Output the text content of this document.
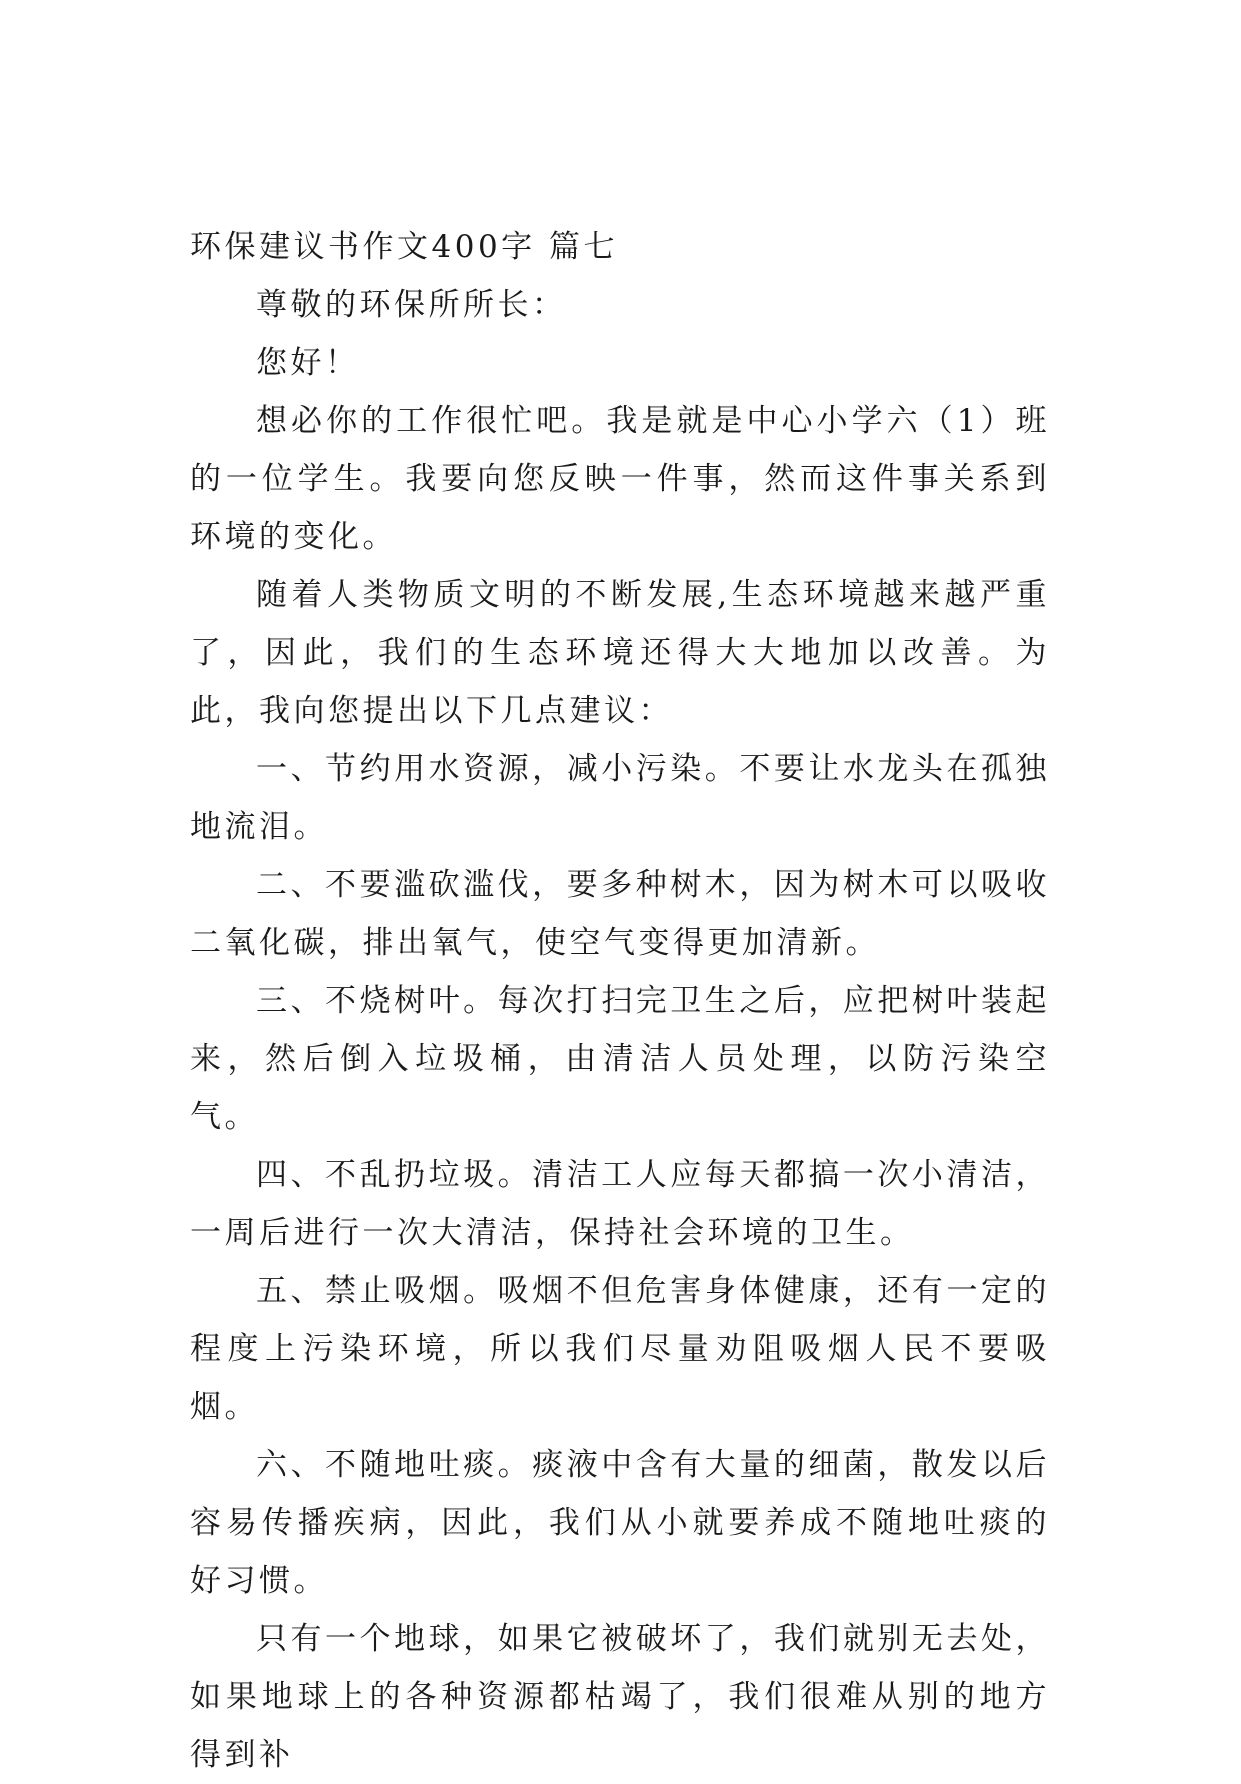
环保建议书作文400字 篇七

尊敬的环保所所长：

您好！

想必你的工作很忙吧。我是就是中心小学六（1）班的一位学生。我要向您反映一件事，然而这件事关系到环境的变化。

随着人类物质文明的不断发展,生态环境越来越严重了，因此，我们的生态环境还得大大地加以改善。为此，我向您提出以下几点建议：

一、节约用水资源，减小污染。不要让水龙头在孤独地流泪。

二、不要滥砍滥伐，要多种树木，因为树木可以吸收二氧化碳，排出氧气，使空气变得更加清新。

三、不烧树叶。每次打扫完卫生之后，应把树叶装起来，然后倒入垃圾桶，由清洁人员处理，以防污染空气。

四、不乱扔垃圾。清洁工人应每天都搞一次小清洁，一周后进行一次大清洁，保持社会环境的卫生。

五、禁止吸烟。吸烟不但危害身体健康，还有一定的程度上污染环境，所以我们尽量劝阻吸烟人民不要吸烟。

六、不随地吐痰。痰液中含有大量的细菌，散发以后容易传播疾病，因此，我们从小就要养成不随地吐痰的好习惯。

只有一个地球，如果它被破坏了，我们就别无去处，如果地球上的各种资源都枯竭了，我们很难从别的地方得到补
